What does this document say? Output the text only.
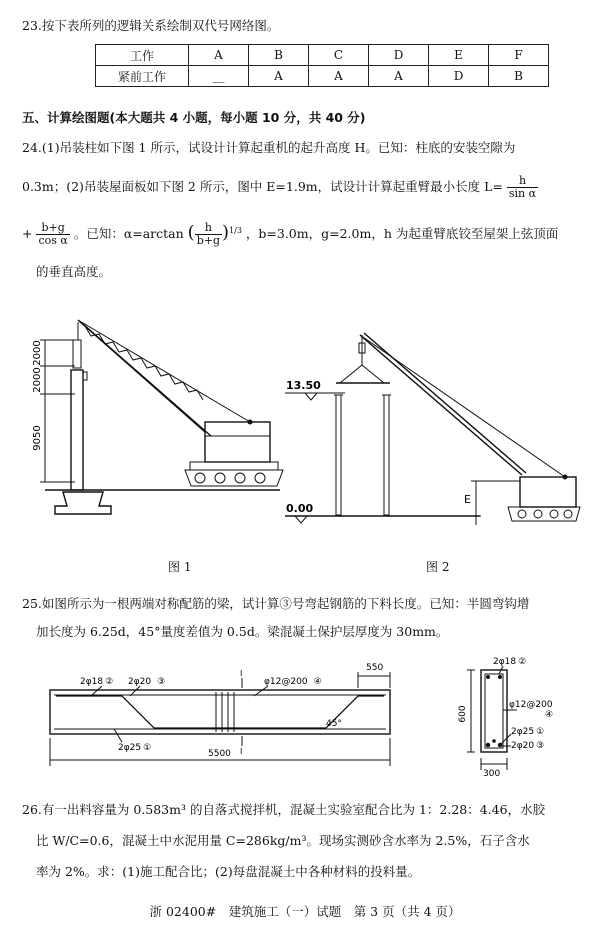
23.按下表所列的逻辑关系绘制双代号网络图。
工作	A	B	C	D	E	F
紧前工作	__	A	A	A	D	B
五、计算绘图题(本大题共 4 小题，每小题 10 分，共 40 分)
24.(1)吊装柱如下图 1 所示，试设计计算起重机的起升高度 H。已知：柱底的安装空隙为
0.3m；(2)吊装屋面板如下图 2 所示，图中 E=1.9m，试设计计算起重臂最小长度 $L= \frac{h}{\text{sin α}}$
+ $\frac{b+g}{\text{cos α}}$ 。已知：α=arctan ( $\frac{h}{b+g} )^{1/3}$ ，b=3.0m，g=2.0m，h 为起重臂底铰至屋架上弦顶面
的垂直高度。
2000
2000
9050
图 1
13.50
0.00
E
图 2
25.如图所示为一根两端对称配筋的梁，试计算③号弯起钢筋的下料长度。已知：半圆弯钩增
加长度为 6.25d，45°量度差值为 0.5d。梁混凝土保护层厚度为 30mm。
2φ18 ② 2φ20 ③	φ12@200 ④
550
45°
2φ25 ①
5500
I
I
2φ18 ②
600
φ12@200
④
2φ25 ①
2φ20 ③
300
26.有一出料容量为 0.583m³ 的自落式搅拌机，混凝土实验室配合比为 1：2.28：4.46，水胶
比 W/C=0.6，混凝土中水泥用量 C=286kg/m³。现场实测砂含水率为 2.5%，石子含水
率为 2%。求：(1)施工配合比；(2)每盘混凝土中各种材料的投料量。
浙 02400#　建筑施工（一）试题　第 3 页（共 4 页）
